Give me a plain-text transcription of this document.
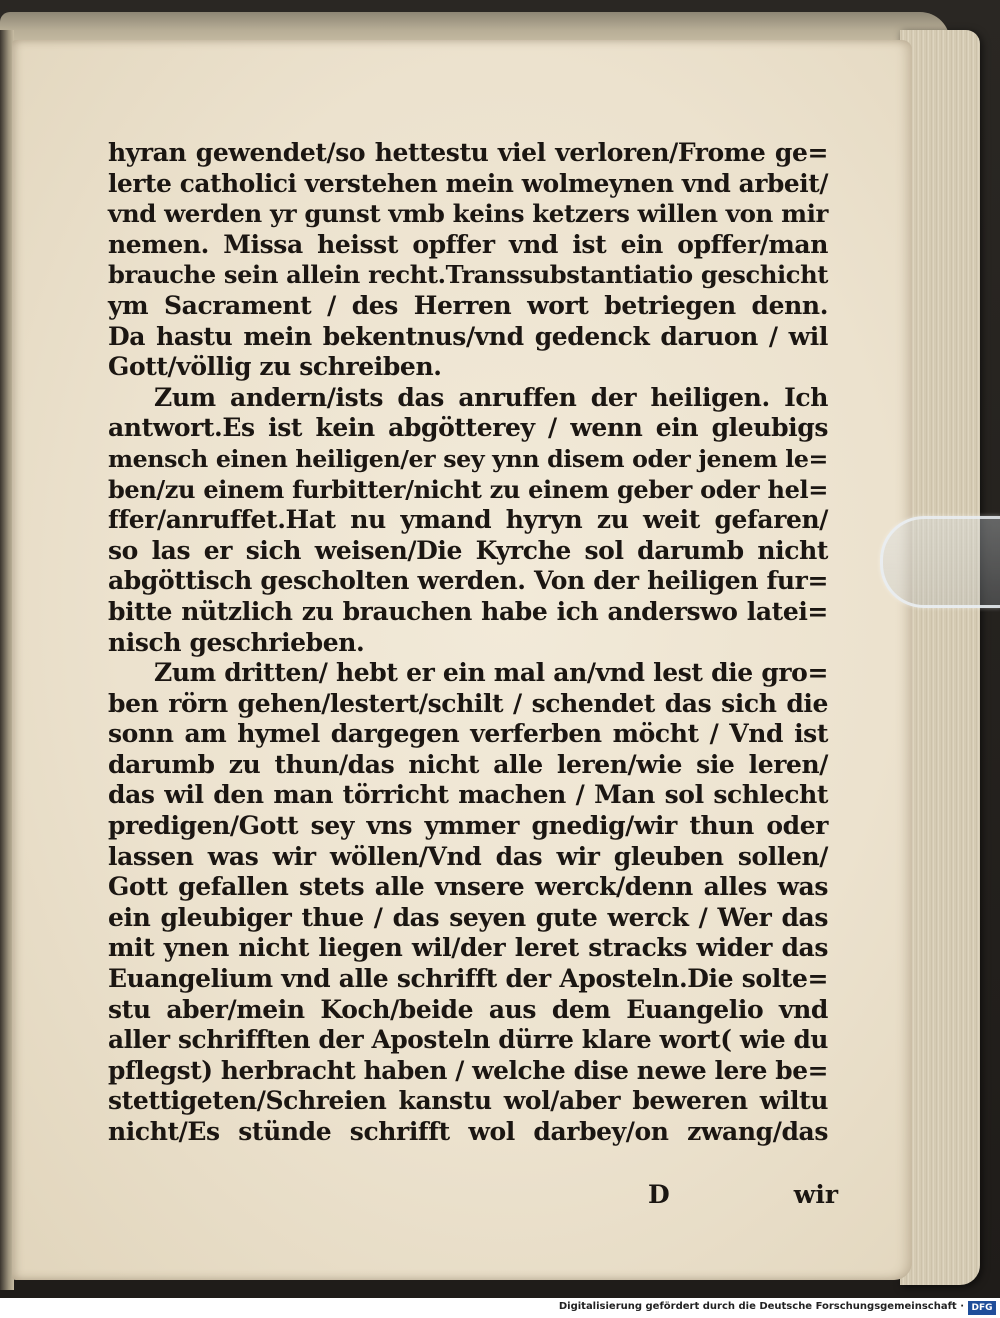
hyran gewendet/so hettestu viel verloren/Frome ge=
lerte catholici verstehen mein wolmeynen vnd arbeit/
vnd werden yr gunst vmb keins ketzers willen von mir
nemen. Missa heisst opffer vnd ist ein opffer/man
brauche sein allein recht.Transsubstantiatio geschicht
ym Sacrament / des Herren wort betriegen denn.
Da hastu mein bekentnus/vnd gedenck daruon / wil
Gott/völlig zu schreiben.
Zum andern/ists das anruffen der heiligen. Ich
antwort.Es ist kein abgötterey / wenn ein gleubigs
mensch einen heiligen/er sey ynn disem oder jenem le=
ben/zu einem furbitter/nicht zu einem geber oder hel=
ffer/anruffet.Hat nu ymand hyryn zu weit gefaren/
so las er sich weisen/Die Kyrche sol darumb nicht
abgöttisch gescholten werden. Von der heiligen fur=
bitte nützlich zu brauchen habe ich anderswo latei=
nisch geschrieben.
Zum dritten/ hebt er ein mal an/vnd lest die gro=
ben rörn gehen/lestert/schilt / schendet das sich die
sonn am hymel dargegen verferben möcht / Vnd ist
darumb zu thun/das nicht alle leren/wie sie leren/
das wil den man törricht machen / Man sol schlecht
predigen/Gott sey vns ymmer gnedig/wir thun oder
lassen was wir wöllen/Vnd das wir gleuben sollen/
Gott gefallen stets alle vnsere werck/denn alles was
ein gleubiger thue / das seyen gute werck / Wer das
mit ynen nicht liegen wil/der leret stracks wider das
Euangelium vnd alle schrifft der Aposteln.Die solte=
stu aber/mein Koch/beide aus dem Euangelio vnd
aller schrifften der Aposteln dürre klare wort( wie du
pflegst) herbracht haben / welche dise newe lere be=
stettigeten/Schreien kanstu wol/aber beweren wiltu
nicht/Es stünde schrifft wol darbey/on zwang/das
D	wir
Digitalisierung gefördert durch die Deutsche Forschungsgemeinschaft · DFG
